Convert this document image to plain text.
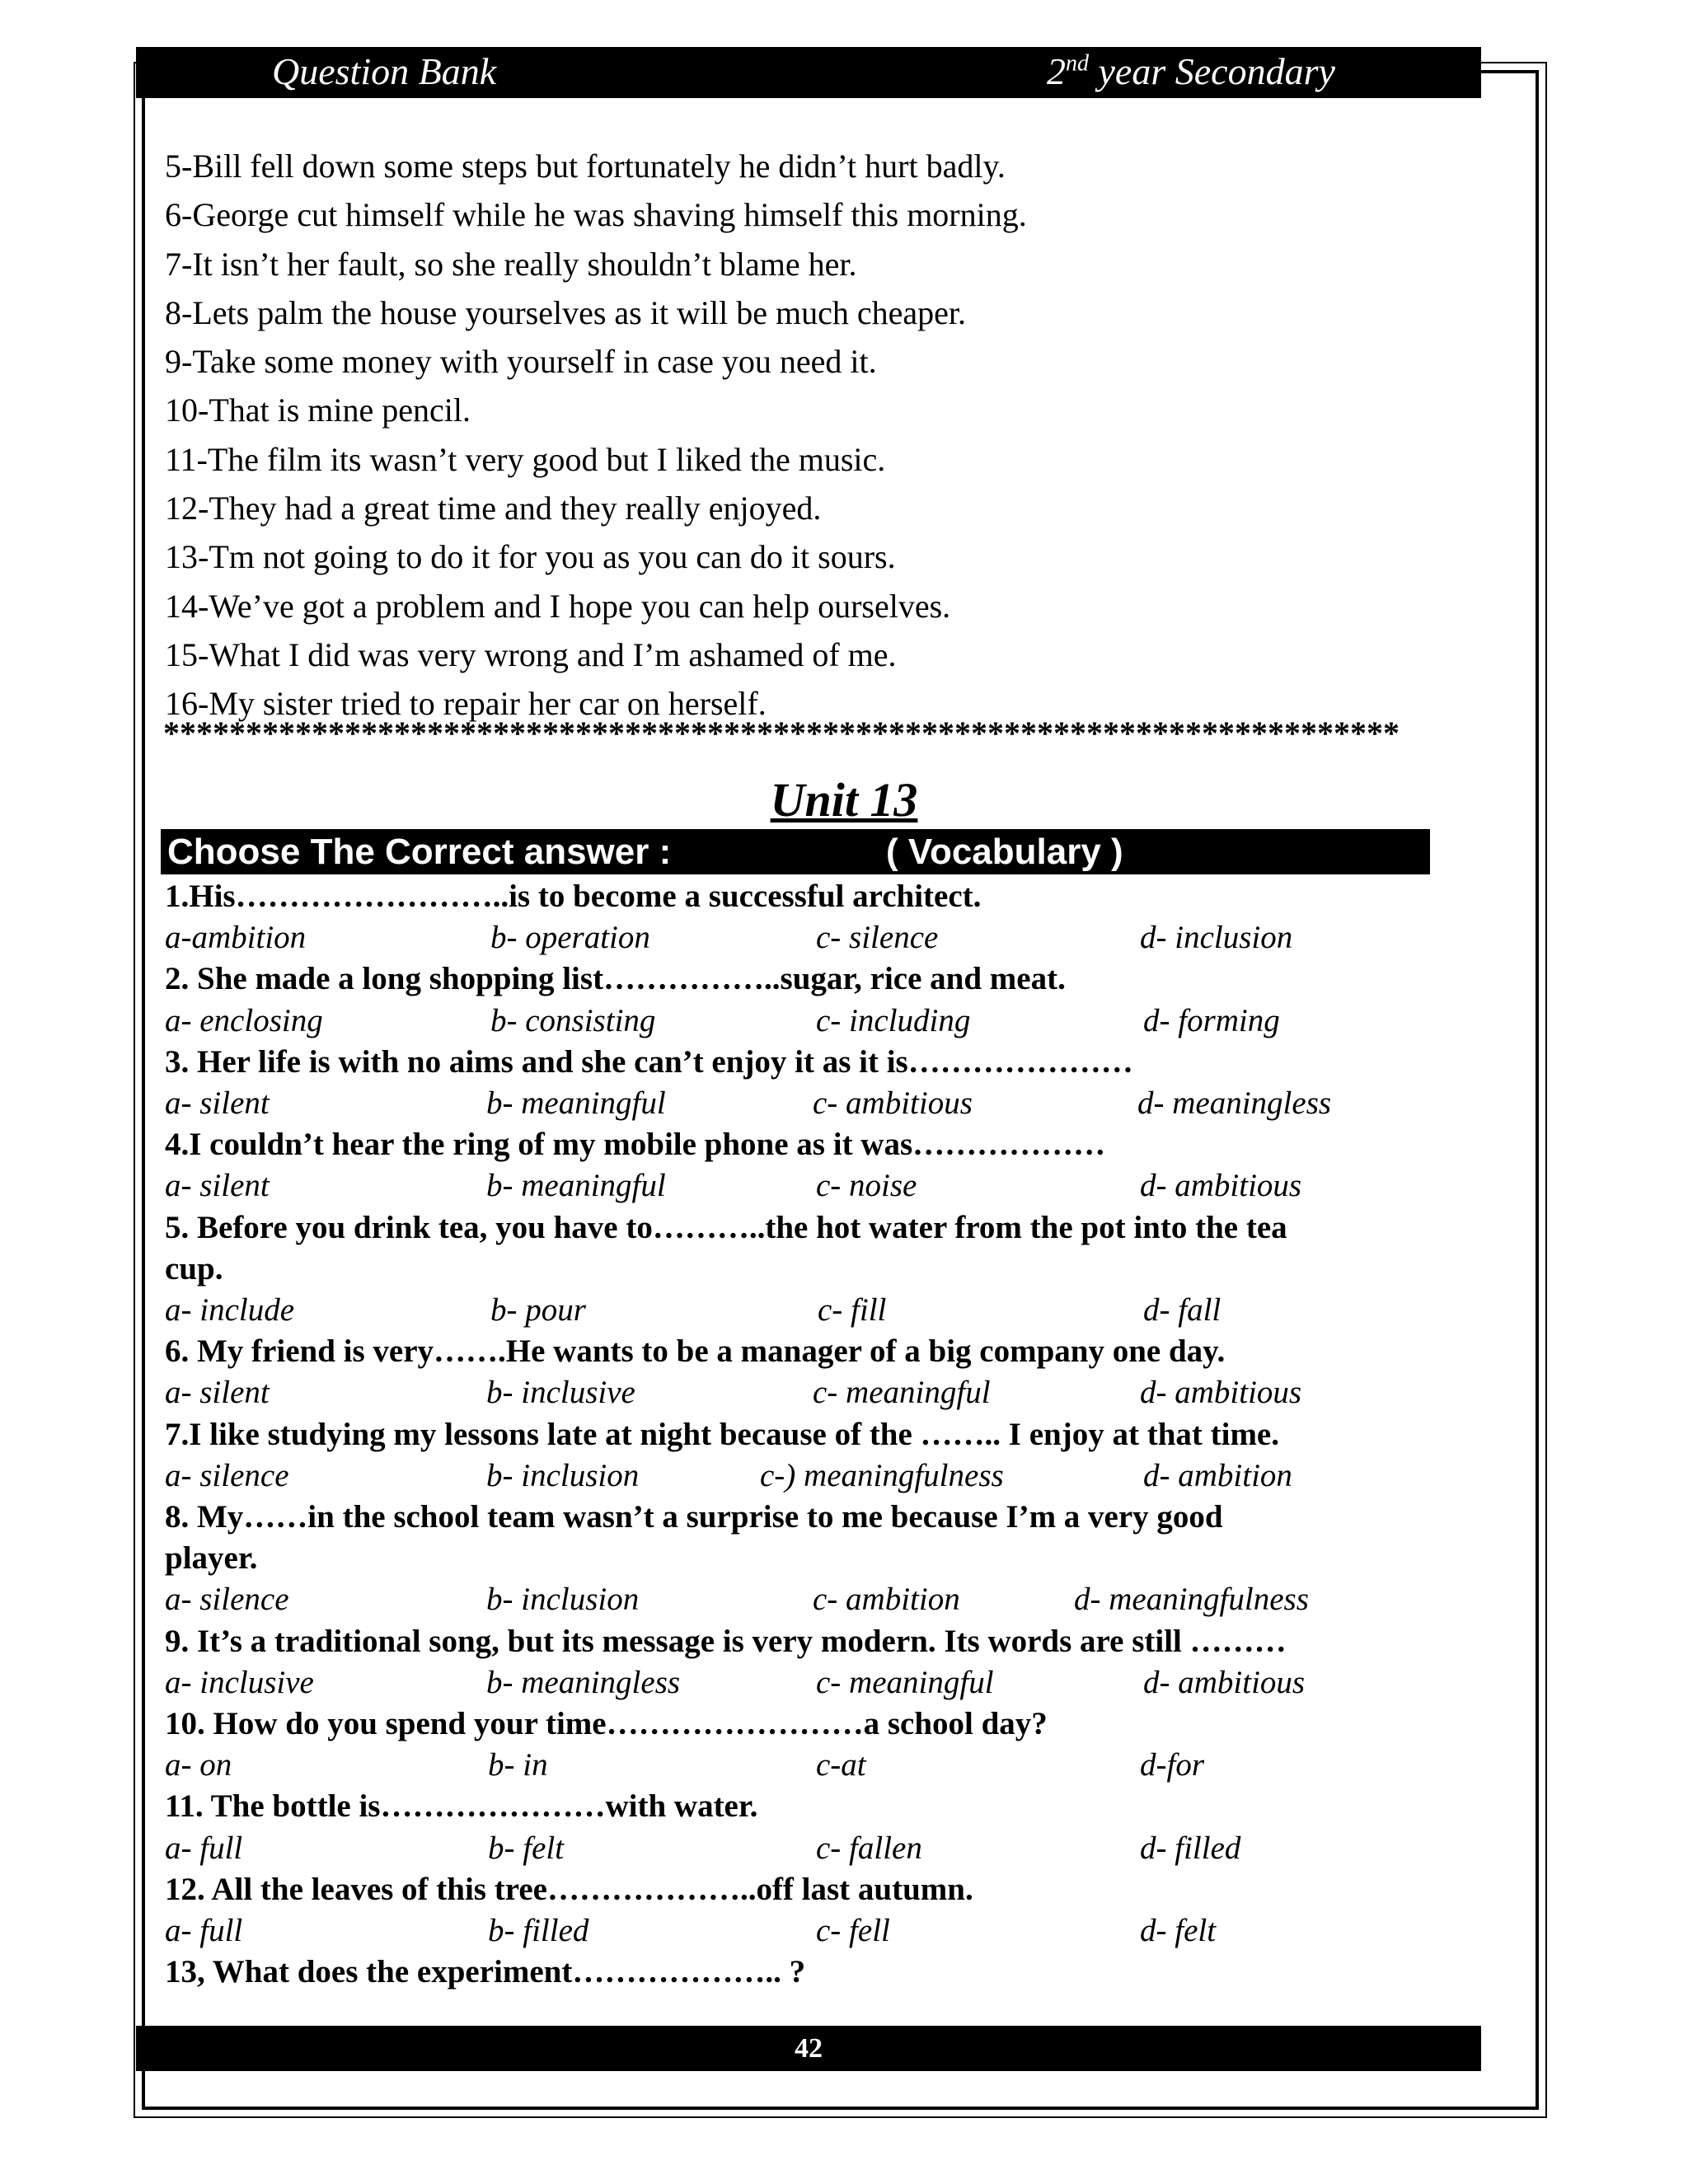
Question Bank	2nd year Secondary
5-Bill fell down some steps but fortunately he didn’t hurt badly.
6-George cut himself while he was shaving himself this morning.
7-It isn’t her fault, so she really shouldn’t blame her.
8-Lets palm the house yourselves as it will be much cheaper.
9-Take some money with yourself in case you need it.
10-That is mine pencil.
11-The film its wasn’t very good but I liked the music.
12-They had a great time and they really enjoyed.
13-Tm not going to do it for you as you can do it sours.
14-We’ve got a problem and I hope you can help ourselves.
15-What I did was very wrong and I’m ashamed of me.
16-My sister tried to repair her car on herself.
***************************************************************************
Unit 13
Choose The Correct answer :	( Vocabulary )
1.His……………………..is to become a successful architect.
a-ambition	b- operation	c- silence	d- inclusion
2. She made a long shopping list……………..sugar, rice and meat.
a- enclosing	b- consisting	c- including	d- forming
3. Her life is with no aims and she can’t enjoy it as it is…………………
a- silent	b- meaningful	c- ambitious	d- meaningless
4.I couldn’t hear the ring of my mobile phone as it was………………
a- silent	b- meaningful	c- noise	d- ambitious
5. Before you drink tea, you have to………..the hot water from the pot into the tea
cup.
a- include	b- pour	c- fill	d- fall
6. My friend is very…….He wants to be a manager of a big company one day.
a- silent	b- inclusive	c- meaningful	d- ambitious
7.I like studying my lessons late at night because of the …….. I enjoy at that time.
a- silence	b- inclusion	c-) meaningfulness	d- ambition
8. My……in the school team wasn’t a surprise to me because I’m a very good
player.
a- silence	b- inclusion	c- ambition	d- meaningfulness
9. It’s a traditional song, but its message is very modern. Its words are still ………
a- inclusive	b- meaningless	c- meaningful	d- ambitious
10. How do you spend your time……………………a school day?
a- on	b- in	c-at	d-for
11. The bottle is…………………with water.
a- full	b- felt	c- fallen	d- filled
12. All the leaves of this tree………………..off last autumn.
a- full	b- filled	c- fell	d- felt
13, What does the experiment……………….. ?
42
